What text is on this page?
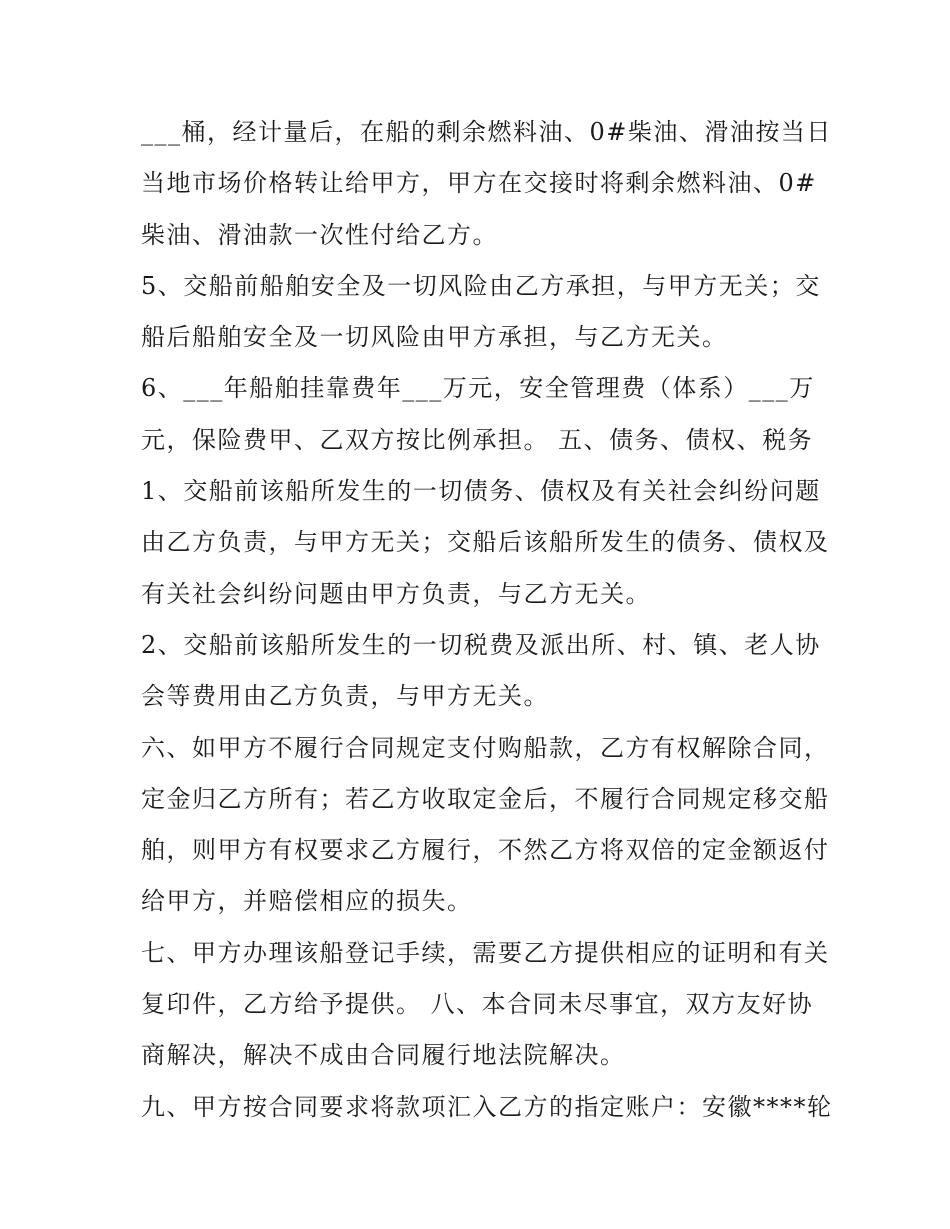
___桶，经计量后，在船的剩余燃料油、0#柴油、滑油按当日
当地市场价格转让给甲方，甲方在交接时将剩余燃料油、0#
柴油、滑油款一次性付给乙方。
5、交船前船舶安全及一切风险由乙方承担，与甲方无关；交
船后船舶安全及一切风险由甲方承担，与乙方无关。
6、___年船舶挂靠费年___万元，安全管理费（体系）___万
元，保险费甲、乙双方按比例承担。 五、债务、债权、税务
1、交船前该船所发生的一切债务、债权及有关社会纠纷问题
由乙方负责，与甲方无关；交船后该船所发生的债务、债权及
有关社会纠纷问题由甲方负责，与乙方无关。
2、交船前该船所发生的一切税费及派出所、村、镇、老人协
会等费用由乙方负责，与甲方无关。
六、如甲方不履行合同规定支付购船款，乙方有权解除合同，
定金归乙方所有；若乙方收取定金后，不履行合同规定移交船
舶，则甲方有权要求乙方履行，不然乙方将双倍的定金额返付
给甲方，并赔偿相应的损失。
七、甲方办理该船登记手续，需要乙方提供相应的证明和有关
复印件，乙方给予提供。 八、本合同未尽事宜，双方友好协
商解决，解决不成由合同履行地法院解决。
九、甲方按合同要求将款项汇入乙方的指定账户：安徽****轮
